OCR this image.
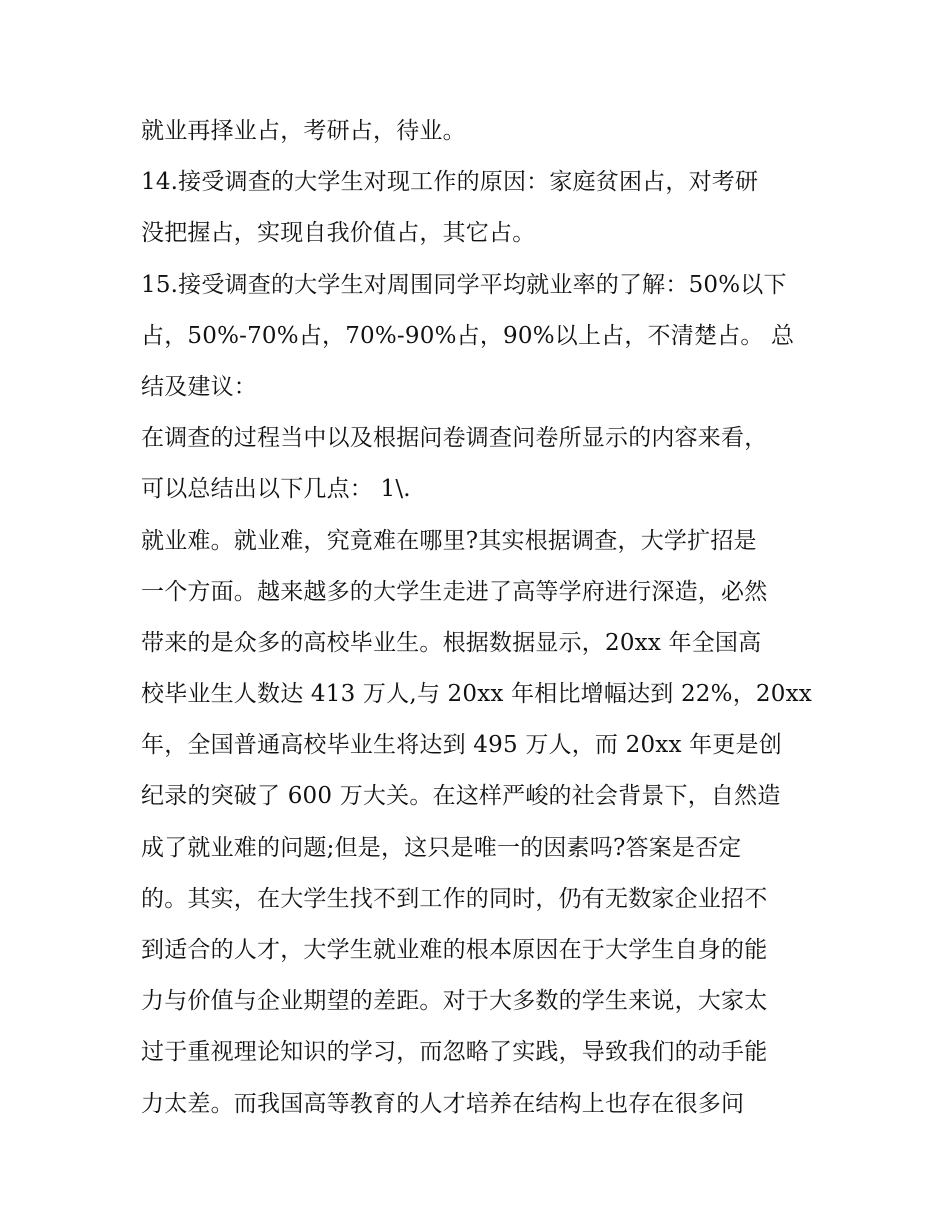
就业再择业占，考研占，待业。
14.接受调查的大学生对现工作的原因：家庭贫困占，对考研
没把握占，实现自我价值占，其它占。
15.接受调查的大学生对周围同学平均就业率的了解：50%以下
占，50%-70%占，70%-90%占，90%以上占，不清楚占。 总
结及建议：
在调查的过程当中以及根据问卷调查问卷所显示的内容来看，
可以总结出以下几点： 1\.
就业难。就业难，究竟难在哪里?其实根据调查，大学扩招是
一个方面。越来越多的大学生走进了高等学府进行深造，必然
带来的是众多的高校毕业生。根据数据显示，20xx 年全国高
校毕业生人数达 413 万人,与 20xx 年相比增幅达到 22%，20xx
年，全国普通高校毕业生将达到 495 万人，而 20xx 年更是创
纪录的突破了 600 万大关。在这样严峻的社会背景下，自然造
成了就业难的问题;但是，这只是唯一的因素吗?答案是否定
的。其实，在大学生找不到工作的同时，仍有无数家企业招不
到适合的人才，大学生就业难的根本原因在于大学生自身的能
力与价值与企业期望的差距。对于大多数的学生来说，大家太
过于重视理论知识的学习，而忽略了实践，导致我们的动手能
力太差。而我国高等教育的人才培养在结构上也存在很多问
